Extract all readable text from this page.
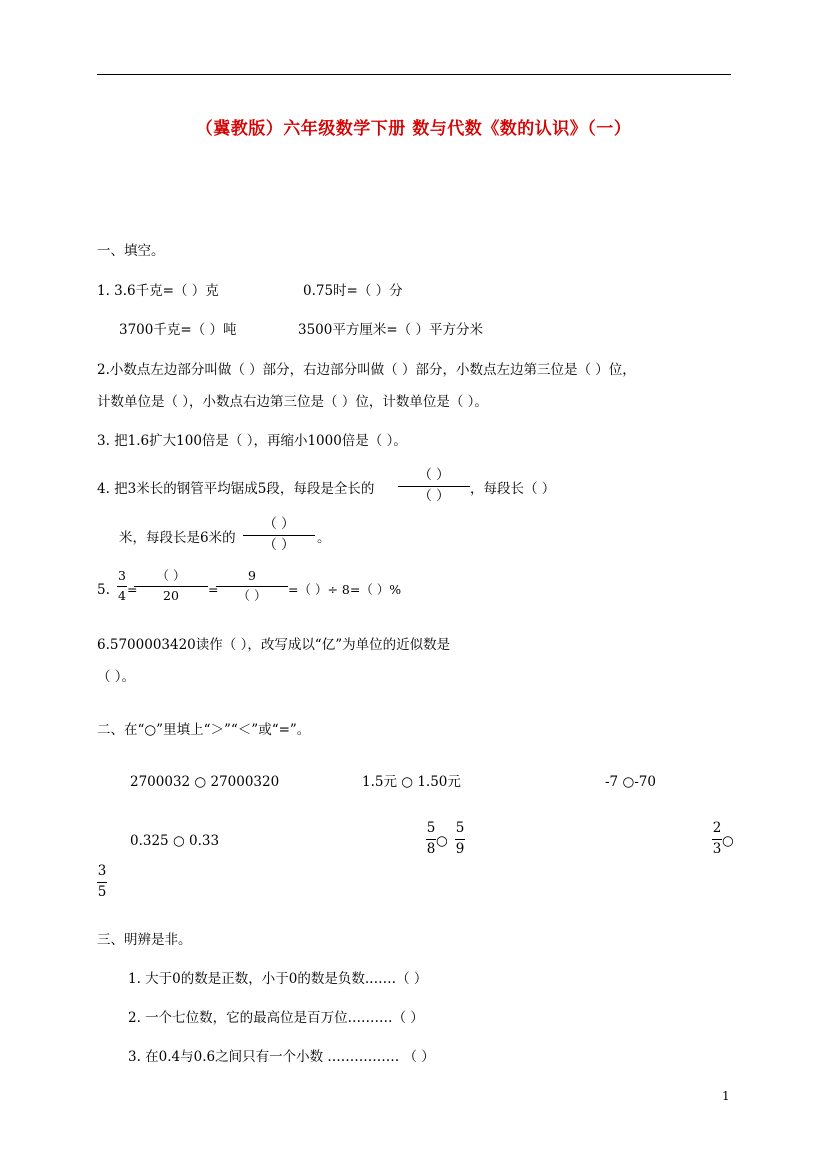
（冀教版）六年级数学下册 数与代数《数的认识》（一）
一、填空。
1. 3.6千克=（ ）克	0.75时=（ ）分
3700千克=（ ）吨	3500平方厘米=（ ）平方分米
2.小数点左边部分叫做（ ）部分，右边部分叫做（ ）部分，小数点左边第三位是（ ）位，
计数单位是（ ），小数点右边第三位是（ ）位，计数单位是（ ）。
3. 把1.6扩大100倍是（ ），再缩小1000倍是（ ）。
4. 把3米长的钢管平均锯成5段，每段是全长的
（ ）
（ ）	，每段长（ ）
米，每段长是6米的
（ ）
（ ）	。
5.
3
4 =
（ ）
20	=
9
（ ）	=（ ）÷ 8=（ ）%
6.5700003420读作（ ），改写成以“亿”为单位的近似数是
（ ）。
二、在“○”里填上“＞”“＜”或“=”。
2700032 ○ 27000320	1.5元 ○ 1.50元	-7 ○-70
0.325 ○ 0.33
5
8 ○
5
9
2
3 ○
3
5
三、明辨是非。
1. 大于0的数是正数，小于0的数是负数.……（ ）
2. 一个七位数，它的最高位是百万位.………（ ）
3. 在0.4与0.6之间只有一个小数 .…………… （ ）
1
